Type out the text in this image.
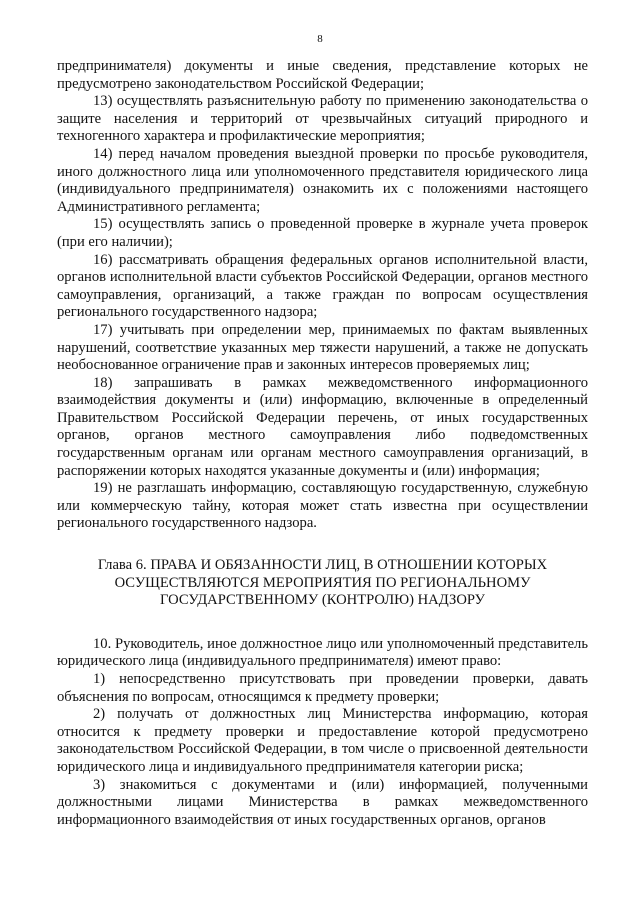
8

предпринимателя) документы и иные сведения, представление которых не предусмотрено законодательством Российской Федерации;

13) осуществлять разъяснительную работу по применению законодательства о защите населения и территорий от чрезвычайных ситуаций природного и техногенного характера и профилактические мероприятия;

14) перед началом проведения выездной проверки по просьбе руководителя, иного должностного лица или уполномоченного представителя юридического лица (индивидуального предпринимателя) ознакомить их с положениями настоящего Административного регламента;

15) осуществлять запись о проведенной проверке в журнале учета проверок (при его наличии);

16) рассматривать обращения федеральных органов исполнительной власти, органов исполнительной власти субъектов Российской Федерации, органов местного самоуправления, организаций, а также граждан по вопросам осуществления регионального государственного надзора;

17) учитывать при определении мер, принимаемых по фактам выявленных нарушений, соответствие указанных мер тяжести нарушений, а также не допускать необоснованное ограничение прав и законных интересов проверяемых лиц;

18) запрашивать в рамках межведомственного информационного взаимодействия документы и (или) информацию, включенные в определенный Правительством Российской Федерации перечень, от иных государственных органов, органов местного самоуправления либо подведомственных государственным органам или органам местного самоуправления организаций, в распоряжении которых находятся указанные документы и (или) информация;

19) не разглашать информацию, составляющую государственную, служебную или коммерческую тайну, которая может стать известна при осуществлении регионального государственного надзора.

Глава 6. ПРАВА И ОБЯЗАННОСТИ ЛИЦ, В ОТНОШЕНИИ КОТОРЫХ
ОСУЩЕСТВЛЯЮТСЯ МЕРОПРИЯТИЯ ПО РЕГИОНАЛЬНОМУ
ГОСУДАРСТВЕННОМУ (КОНТРОЛЮ) НАДЗОРУ

10. Руководитель, иное должностное лицо или уполномоченный представитель юридического лица (индивидуального предпринимателя) имеют право:

1) непосредственно присутствовать при проведении проверки, давать объяснения по вопросам, относящимся к предмету проверки;

2) получать от должностных лиц Министерства информацию, которая относится к предмету проверки и предоставление которой предусмотрено законодательством Российской Федерации, в том числе о присвоенной деятельности юридического лица и индивидуального предпринимателя категории риска;

3) знакомиться с документами и (или) информацией, полученными должностными лицами Министерства в рамках межведомственного информационного взаимодействия от иных государственных органов, органов
